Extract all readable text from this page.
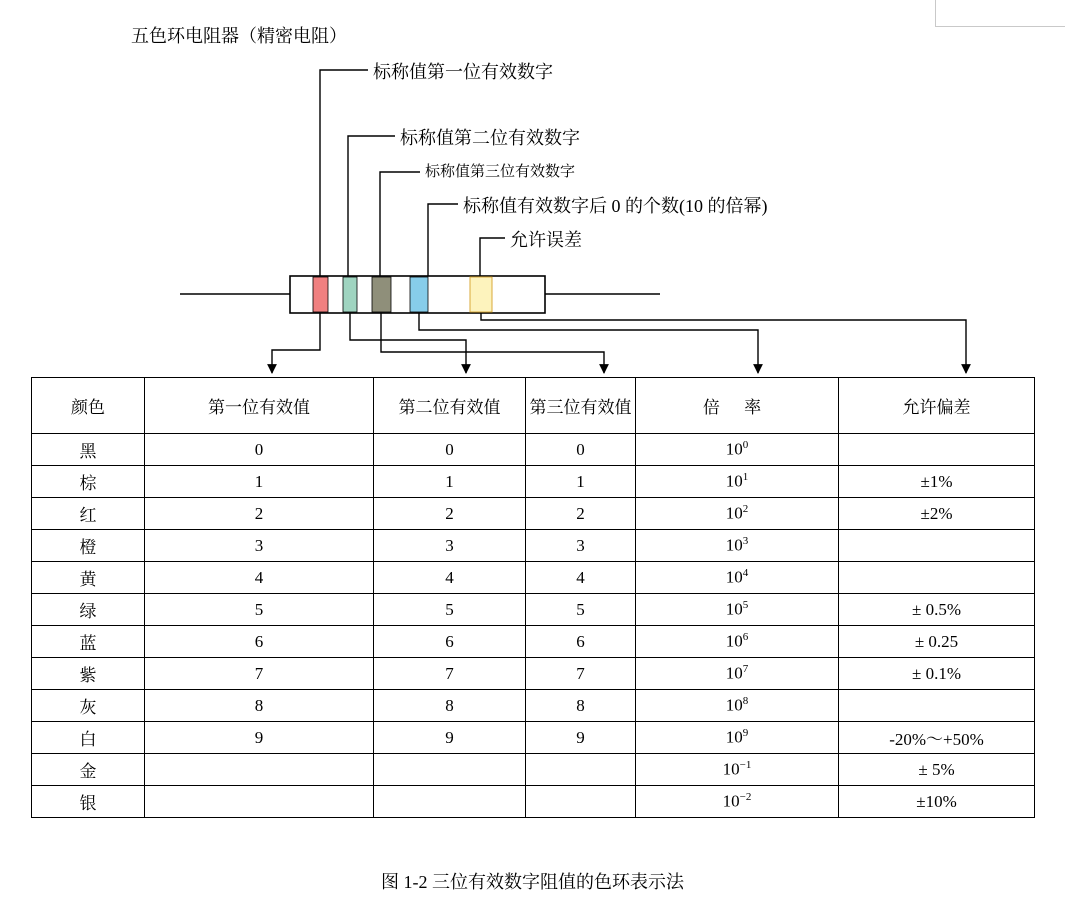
五色环电阻器（精密电阻）
标称值第一位有效数字
标称值第二位有效数字
标称值第三位有效数字
标称值有效数字后 0 的个数(10 的倍幂)
允许误差
颜色	第一位有效值	第二位有效值	第三位有效值	倍 率	允许偏差
黑	0	0	0	$10^0$	
棕	1	1	1	$10^1$	±1%
红	2	2	2	$10^2$	±2%
橙	3	3	3	$10^3$	
黄	4	4	4	$10^4$	
绿	5	5	5	$10^5$	± 0.5%
蓝	6	6	6	$10^6$	± 0.25
紫	7	7	7	$10^7$	± 0.1%
灰	8	8	8	$10^8$	
白	9	9	9	$10^9$	-20%～+50%
金				$10^{-1}$	± 5%
银				$10^{-2}$	±10%
图 1-2 三位有效数字阻值的色环表示法
